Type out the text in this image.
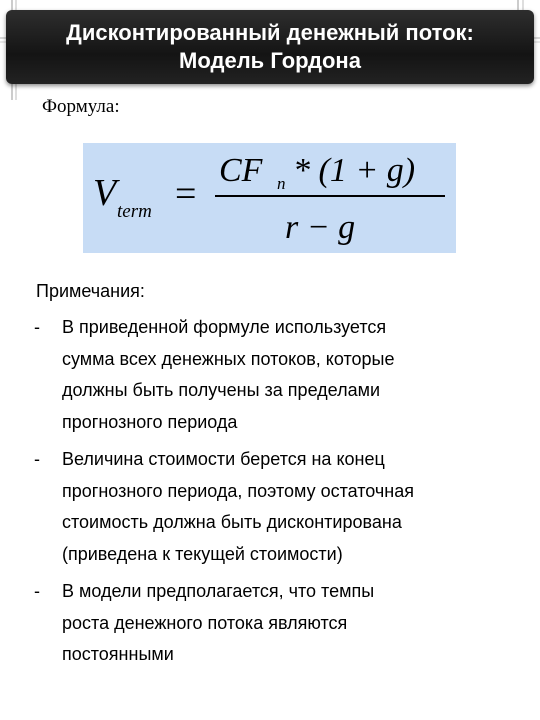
Дисконтированный денежный поток:
Модель Гордона
Формула:
V term =
CF n * (1 + g)
r − g
Примечания:
-	В приведенной формуле используется
сумма всех денежных потоков, которые
должны быть получены за пределами
прогнозного периода
-	Величина стоимости берется на конец
прогнозного периода, поэтому остаточная
стоимость должна быть дисконтирована
(приведена к текущей стоимости)
-	В модели предполагается, что темпы
роста денежного потока являются
постоянными
